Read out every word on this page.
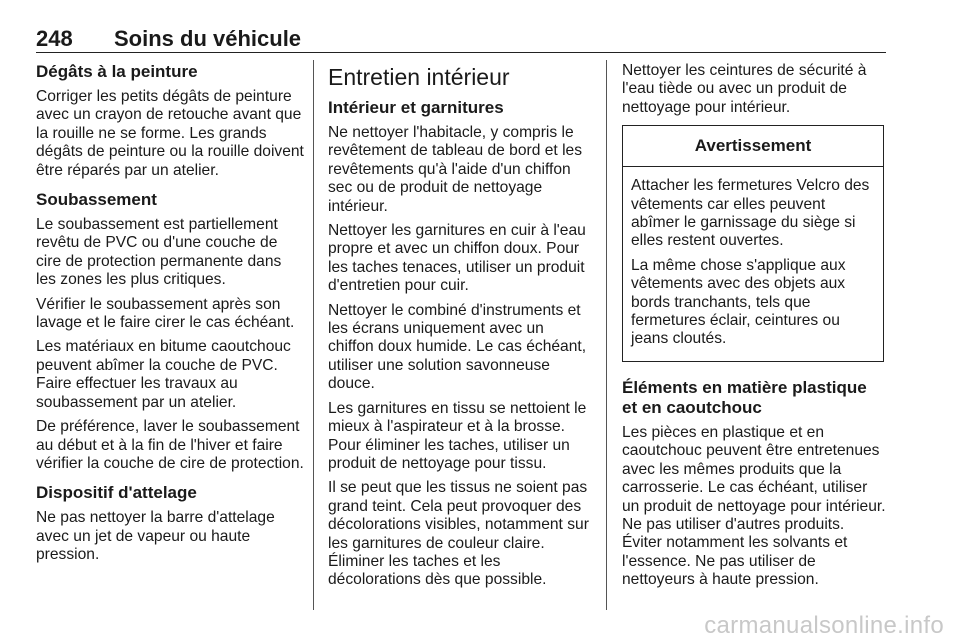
248 Soins du véhicule
Dégâts à la peinture

Corriger les petits dégâts de peinture avec un crayon de retouche avant que la rouille ne se forme. Les grands dégâts de peinture ou la rouille doivent être réparés par un atelier.

Soubassement

Le soubassement est partiellement revêtu de PVC ou d'une couche de cire de protection permanente dans les zones les plus critiques.

Vérifier le soubassement après son lavage et le faire cirer le cas échéant.

Les matériaux en bitume caoutchouc peuvent abîmer la couche de PVC. Faire effectuer les travaux au soubassement par un atelier.

De préférence, laver le soubassement au début et à la fin de l'hiver et faire vérifier la couche de cire de protection.

Dispositif d'attelage

Ne pas nettoyer la barre d'attelage avec un jet de vapeur ou haute pression.

Entretien intérieur
Intérieur et garnitures

Ne nettoyer l'habitacle, y compris le revêtement de tableau de bord et les revêtements qu'à l'aide d'un chiffon sec ou de produit de nettoyage intérieur.

Nettoyer les garnitures en cuir à l'eau propre et avec un chiffon doux. Pour les taches tenaces, utiliser un produit d'entretien pour cuir.

Nettoyer le combiné d'instruments et les écrans uniquement avec un chiffon doux humide. Le cas échéant, utiliser une solution savonneuse douce.

Les garnitures en tissu se nettoient le mieux à l'aspirateur et à la brosse. Pour éliminer les taches, utiliser un produit de nettoyage pour tissu.

Il se peut que les tissus ne soient pas grand teint. Cela peut provoquer des décolorations visibles, notamment sur les garnitures de couleur claire. Éliminer les taches et les décolorations dès que possible.

Nettoyer les ceintures de sécurité à l'eau tiède ou avec un produit de nettoyage pour intérieur.

Avertissement

Attacher les fermetures Velcro des vêtements car elles peuvent abîmer le garnissage du siège si elles restent ouvertes.

La même chose s'applique aux vêtements avec des objets aux bords tranchants, tels que fermetures éclair, ceintures ou jeans cloutés.

Éléments en matière plastique et en caoutchouc

Les pièces en plastique et en caoutchouc peuvent être entretenues avec les mêmes produits que la carrosserie. Le cas échéant, utiliser un produit de nettoyage pour intérieur. Ne pas utiliser d'autres produits. Éviter notamment les solvants et l'essence. Ne pas utiliser de nettoyeurs à haute pression.

carmanualsonline.info
